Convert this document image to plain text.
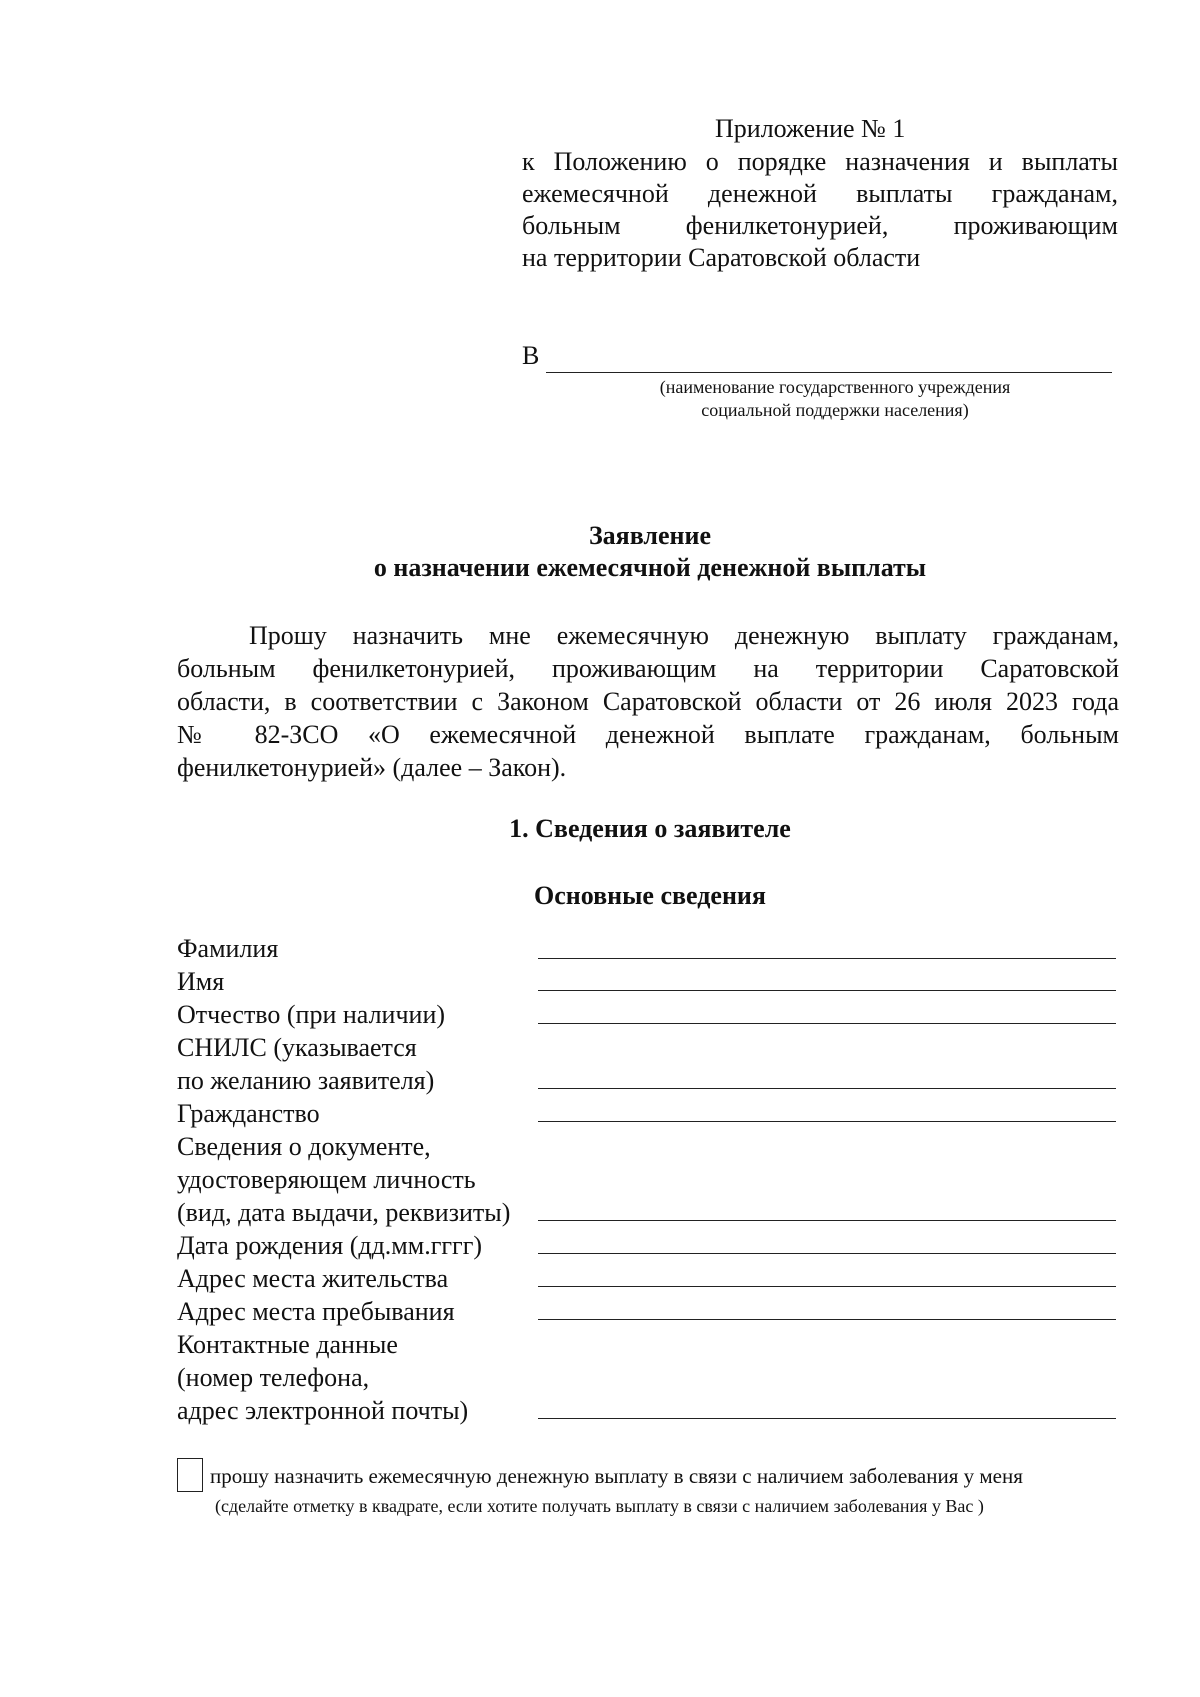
Приложение № 1
к Положению о порядке назначения и выплаты
ежемесячной денежной выплаты гражданам,
больным фенилкетонурией, проживающим
на территории Саратовской области
В
(наименование государственного учреждения
социальной поддержки населения)
Заявление
о назначении ежемесячной денежной выплаты
Прошу назначить мне ежемесячную денежную выплату гражданам,
больным фенилкетонурией, проживающим на территории Саратовской
области, в соответствии с Законом Саратовской области от 26 июля 2023 года
№ 82-ЗСО «О ежемесячной денежной выплате гражданам, больным
фенилкетонурией» (далее – Закон).
1. Сведения о заявителе
Основные сведения
Фамилия
Имя
Отчество (при наличии)
СНИЛС (указывается
по желанию заявителя)
Гражданство
Сведения о документе,
удостоверяющем личность
(вид, дата выдачи, реквизиты)
Дата рождения (дд.мм.гггг)
Адрес места жительства
Адрес места пребывания
Контактные данные
(номер телефона,
адрес электронной почты)
прошу назначить ежемесячную денежную выплату в связи с наличием заболевания у меня
(сделайте отметку в квадрате, если хотите получать выплату в связи с наличием заболевания у Вас )
